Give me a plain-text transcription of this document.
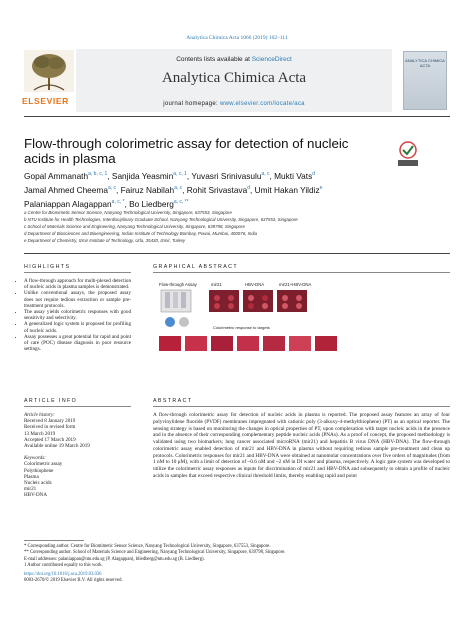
Analytica Chimica Acta 1066 (2019) 102–111
ELSEVIER
Contents lists available at ScienceDirect
Analytica Chimica Acta
journal homepage: www.elsevier.com/locate/aca
ANALYTICA CHIMICA ACTA
Flow-through colorimetric assay for detection of nucleic acids in plasma
Gopal Ammanath$^{a, b, c, 1}$, Sanjida Yeasmin$^{a, c, 1}$, Yuvasri Srinivasulu$^{a, c}$, Mukti Vats$^d$
Jamal Ahmed Cheema$^{a, c}$, Fairuz Nabilah$^{a, c}$, Rohit Srivastava$^d$, Umit Hakan Yildiz$^e$
Palaniappan Alagappan$^{a, c, *}$, Bo Liedberg$^{a, c, **}$
a Centre for Biomimetic Sensor Science, Nanyang Technological University, Singapore, 637553, Singapore
b NTU Institute for Health Technologies, Interdisciplinary Graduate School, Nanyang Technological University, Singapore, 637553, Singapore
c School of Materials Science and Engineering, Nanyang Technological University, Singapore, 639798, Singapore
d Department of Biosciences and Bioengineering, Indian Institute of Technology Bombay, Powai, Mumbai, 400076, India
e Department of Chemistry, Izmir Institute of Technology, Urla, 35430, Izmir, Turkey
HIGHLIGHTS
• A flow-through approach for multi-plexed detection of nucleic acids in plasma samples is demonstrated.
• Unlike conventional assays, the proposed assay does not require tedious extraction or sample pre-treatment protocols.
• The assay yields colorimetric responses with good sensitivity and selectivity.
• A generalized logic system is proposed for profiling of nucleic acids.
• Assay possesses a great potential for rapid and point of care (POC) disease diagnosis in poor resource settings.
GRAPHICAL ABSTRACT
Flow-through Assay	mir21	HBV-DNA	mir21+HBV-DNA
Colorimetric response to targets
ARTICLE INFO
Article history:
Received 8 January 2019
Received in revised form
13 March 2019
Accepted 17 March 2019
Available online 19 March 2019
Keywords:
Colorimetric assay
Polythiophene
Plasma
Nucleic acids
mir21
HBV-DNA
ABSTRACT
A flow-through colorimetric assay for detection of nucleic acids in plasma is reported. The proposed assay features an array of four polyvinylidene fluoride (PVDF) membranes impregnated with cationic poly (3-alkoxy-4-methylthiophene) (PT) as an optical reporter. The sensing strategy is based on monitoring the changes in optical properties of PT, upon complexation with target nucleic acids in the presence and in the absence of their corresponding complementary peptide nucleic acids (PNAs). As a proof of concept, the proposed methodology is validated using two biomarkers; lung cancer associated microRNA (mir21) and hepatitis B virus DNA (HBV-DNA). The flow-through colorimetric assay enabled detection of mir21 and HBV-DNA in plasma without requiring tedious sample pre-treatment and clean up protocols. Colorimetric responses for mir21 and HBV-DNA were obtained at nanomolar concentrations over five orders of magnitudes (from 1 nM to 10 μM), with a limit of detection of ~0.6 nM and ~2 nM in DI water and plasma, respectively. A logic gate system was developed to utilize the colorimetric assay responses as inputs for discrimination of mir21 and HBV-DNA and subsequently to obtain a profile of nucleic acids in samples that exceed respective clinical threshold limits, thereby enabling rapid and point
* Corresponding author. Centre for Biomimetic Sensor Science, Nanyang Technological University, Singapore, 637553, Singapore.
** Corresponding author. School of Materials Science and Engineering, Nanyang Technological University, Singapore, 639798, Singapore.
E-mail addresses: palaniappan@ntu.edu.sg (P. Alagappan), bliedberg@ntu.edu.sg (B. Liedberg).
1 Author contributed equally to this work.
https://doi.org/10.1016/j.aca.2019.03.036
0003-2670/© 2019 Elsevier B.V. All rights reserved.
